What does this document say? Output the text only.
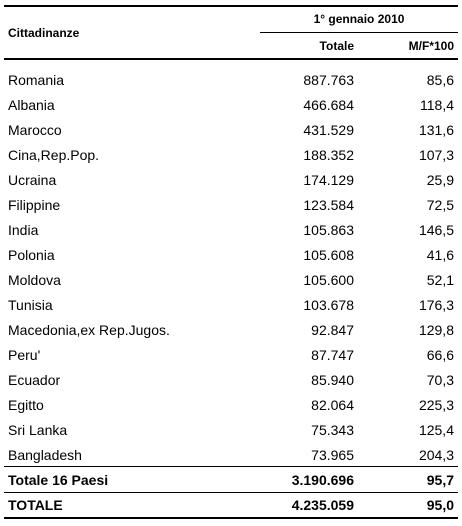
Cittadinanze
1° gennaio 2010
Totale	M/F*100
Romania	887.763	85,6
Albania	466.684	118,4
Marocco	431.529	131,6
Cina,Rep.Pop.	188.352	107,3
Ucraina	174.129	25,9
Filippine	123.584	72,5
India	105.863	146,5
Polonia	105.608	41,6
Moldova	105.600	52,1
Tunisia	103.678	176,3
Macedonia,ex Rep.Jugos.	92.847	129,8
Peru'	87.747	66,6
Ecuador	85.940	70,3
Egitto	82.064	225,3
Sri Lanka	75.343	125,4
Bangladesh	73.965	204,3
Totale 16 Paesi	3.190.696	95,7
TOTALE	4.235.059	95,0
